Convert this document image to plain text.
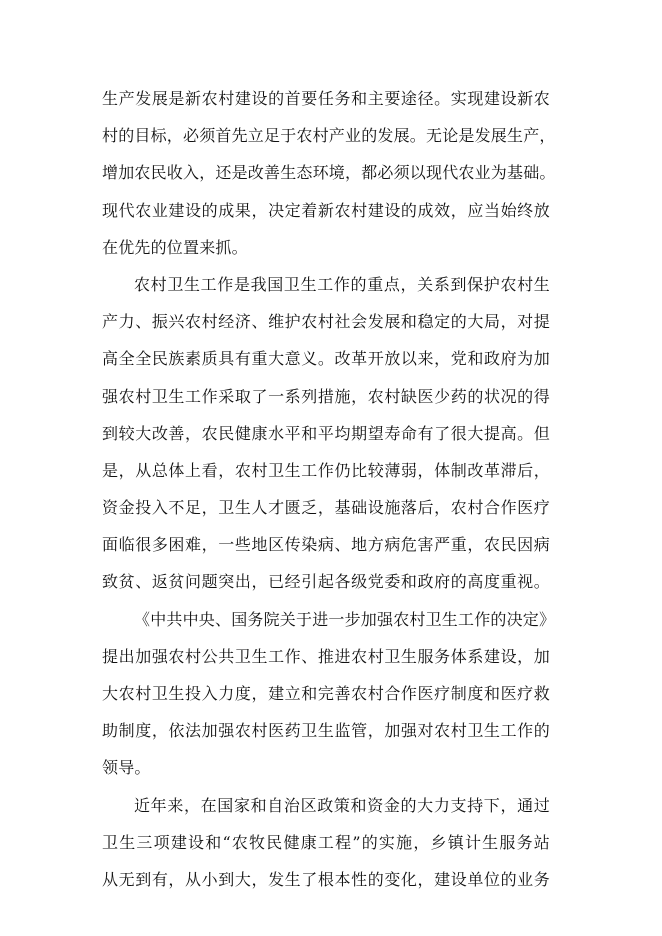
生产发展是新农村建设的首要任务和主要途径。实现建设新农
村的目标，必须首先立足于农村产业的发展。无论是发展生产，
增加农民收入，还是改善生态环境，都必须以现代农业为基础。
现代农业建设的成果，决定着新农村建设的成效，应当始终放
在优先的位置来抓。
农村卫生工作是我国卫生工作的重点，关系到保护农村生
产力、振兴农村经济、维护农村社会发展和稳定的大局，对提
高全全民族素质具有重大意义。改革开放以来，党和政府为加
强农村卫生工作采取了一系列措施，农村缺医少药的状况的得
到较大改善，农民健康水平和平均期望寿命有了很大提高。但
是，从总体上看，农村卫生工作仍比较薄弱，体制改革滞后，
资金投入不足，卫生人才匮乏，基础设施落后，农村合作医疗
面临很多困难，一些地区传染病、地方病危害严重，农民因病
致贫、返贫问题突出，已经引起各级党委和政府的高度重视。
《中共中央、国务院关于进一步加强农村卫生工作的决定》
提出加强农村公共卫生工作、推进农村卫生服务体系建设，加
大农村卫生投入力度，建立和完善农村合作医疗制度和医疗救
助制度，依法加强农村医药卫生监管，加强对农村卫生工作的
领导。
近年来，在国家和自治区政策和资金的大力支持下，通过
卫生三项建设和“农牧民健康工程”的实施，乡镇计生服务站
从无到有，从小到大，发生了根本性的变化，建设单位的业务
